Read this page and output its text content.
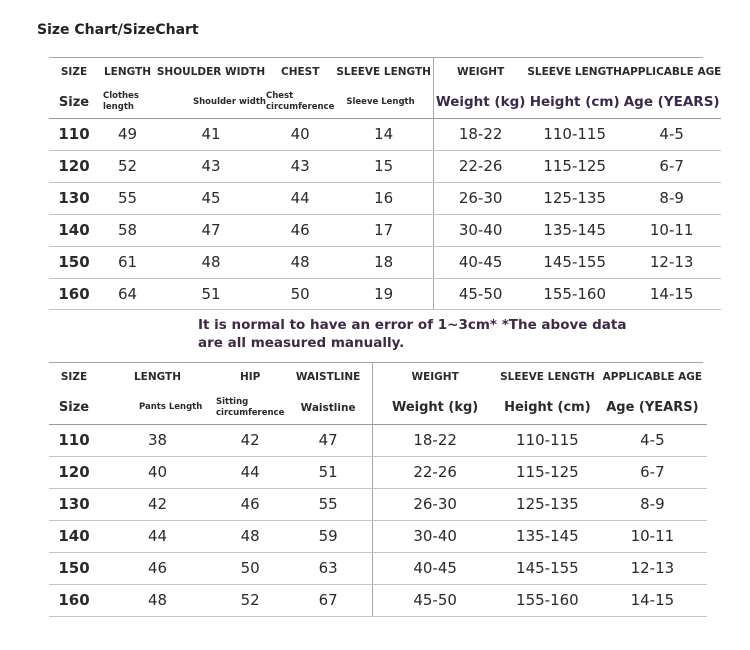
Size Chart/SizeChart
SIZE	LENGTH	SHOULDER WIDTH	CHEST	SLEEVE LENGTH	WEIGHT	SLEEVE LENGTH	APPLICABLE AGE
Size	Clothes length	Shoulder width	Chest circumference	Sleeve Length	Weight (kg)	Height (cm)	Age (YEARS)
110	49	41	40	14	18-22	110-115	4-5
120	52	43	43	15	22-26	115-125	6-7
130	55	45	44	16	26-30	125-135	8-9
140	58	47	46	17	30-40	135-145	10-11
150	61	48	48	18	40-45	145-155	12-13
160	64	51	50	19	45-50	155-160	14-15
It is normal to have an error of 1~3cm* *The above data are all measured manually.
SIZE	LENGTH	HIP	WAISTLINE	WEIGHT	SLEEVE LENGTH	APPLICABLE AGE
Size	Pants Length	Sitting circumference	Waistline	Weight (kg)	Height (cm)	Age (YEARS)
110	38	42	47	18-22	110-115	4-5
120	40	44	51	22-26	115-125	6-7
130	42	46	55	26-30	125-135	8-9
140	44	48	59	30-40	135-145	10-11
150	46	50	63	40-45	145-155	12-13
160	48	52	67	45-50	155-160	14-15
